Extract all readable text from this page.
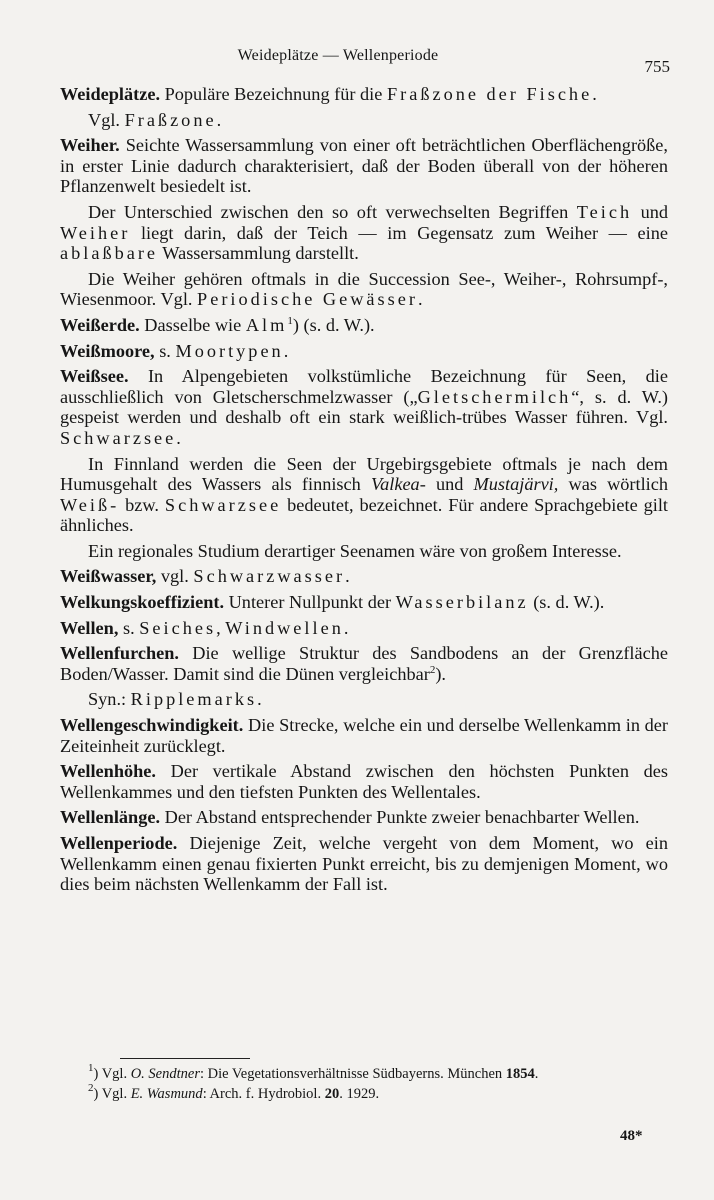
Weideplätze — Wellenperiode
755

Weideplätze. Populäre Bezeichnung für die Fraßzone der Fische.

Vgl. Fraßzone.

Weiher. Seichte Wassersammlung von einer oft beträchtlichen Oberflächengröße, in erster Linie dadurch charakterisiert, daß der Boden überall von der höheren Pflanzenwelt besiedelt ist.

Der Unterschied zwischen den so oft verwechselten Begriffen Teich und Weiher liegt darin, daß der Teich — im Gegensatz zum Weiher — eine ablaßbare Wassersammlung darstellt.

Die Weiher gehören oftmals in die Succession See-, Weiher-, Rohrsumpf-, Wiesenmoor. Vgl. Periodische Gewässer.

Weißerde. Dasselbe wie Alm$^1$) (s. d. W.).

Weißmoore, s. Moortypen.

Weißsee. In Alpengebieten volkstümliche Bezeichnung für Seen, die ausschließlich von Gletscherschmelzwasser („Gletschermilch“, s. d. W.) gespeist werden und deshalb oft ein stark weißlich-trübes Wasser führen. Vgl. Schwarzsee.

In Finnland werden die Seen der Urgebirgsgebiete oftmals je nach dem Humusgehalt des Wassers als finnisch Valkea- und Mustajärvi, was wörtlich Weiß- bzw. Schwarzsee bedeutet, bezeichnet. Für andere Sprachgebiete gilt ähnliches.

Ein regionales Studium derartiger Seenamen wäre von großem Interesse.

Weißwasser, vgl. Schwarzwasser.

Welkungskoeffizient. Unterer Nullpunkt der Wasserbilanz (s. d. W.).

Wellen, s. Seiches, Windwellen.

Wellenfurchen. Die wellige Struktur des Sandbodens an der Grenzfläche Boden/Wasser. Damit sind die Dünen vergleichbar$^2$).

Syn.: Ripplemarks.

Wellengeschwindigkeit. Die Strecke, welche ein und derselbe Wellenkamm in der Zeiteinheit zurücklegt.

Wellenhöhe. Der vertikale Abstand zwischen den höchsten Punkten des Wellenkammes und den tiefsten Punkten des Wellentales.

Wellenlänge. Der Abstand entsprechender Punkte zweier benachbarter Wellen.

Wellenperiode. Diejenige Zeit, welche vergeht von dem Moment, wo ein Wellenkamm einen genau fixierten Punkt erreicht, bis zu demjenigen Moment, wo dies beim nächsten Wellenkamm der Fall ist.

$^1$) Vgl. O. Sendtner: Die Vegetationsverhältnisse Südbayerns. München 1854.
$^2$) Vgl. E. Wasmund: Arch. f. Hydrobiol. 20. 1929.
48*
